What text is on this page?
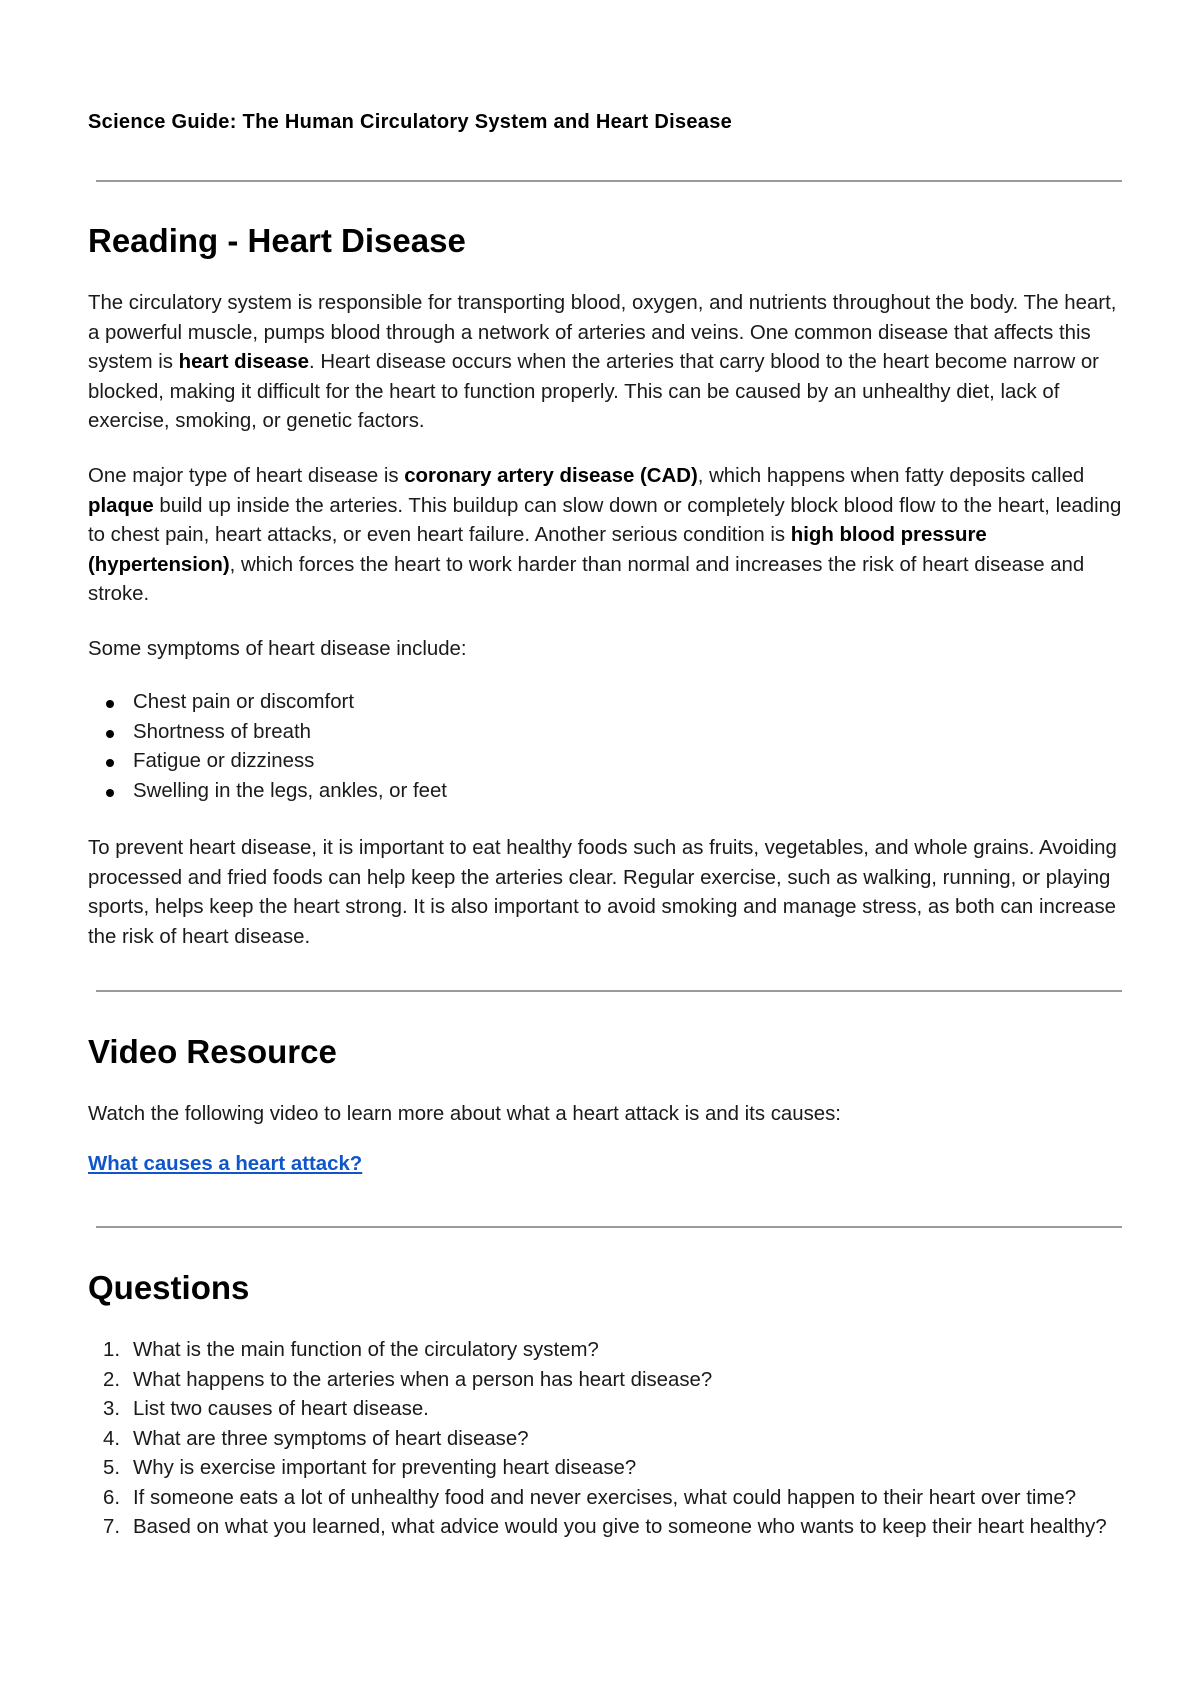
Science Guide: The Human Circulatory System and Heart Disease
Reading - Heart Disease

The circulatory system is responsible for transporting blood, oxygen, and nutrients throughout the body. The heart, a powerful muscle, pumps blood through a network of arteries and veins. One common disease that affects this system is heart disease. Heart disease occurs when the arteries that carry blood to the heart become narrow or blocked, making it difficult for the heart to function properly. This can be caused by an unhealthy diet, lack of exercise, smoking, or genetic factors.

One major type of heart disease is coronary artery disease (CAD), which happens when fatty deposits called plaque build up inside the arteries. This buildup can slow down or completely block blood flow to the heart, leading to chest pain, heart attacks, or even heart failure. Another serious condition is high blood pressure (hypertension), which forces the heart to work harder than normal and increases the risk of heart disease and stroke.

Some symptoms of heart disease include:

Chest pain or discomfort
Shortness of breath
Fatigue or dizziness
Swelling in the legs, ankles, or feet

To prevent heart disease, it is important to eat healthy foods such as fruits, vegetables, and whole grains. Avoiding processed and fried foods can help keep the arteries clear. Regular exercise, such as walking, running, or playing sports, helps keep the heart strong. It is also important to avoid smoking and manage stress, as both can increase the risk of heart disease.

Video Resource

Watch the following video to learn more about what a heart attack is and its causes:

What causes a heart attack?
Questions
1. What is the main function of the circulatory system?
2. What happens to the arteries when a person has heart disease?
3. List two causes of heart disease.
4. What are three symptoms of heart disease?
5. Why is exercise important for preventing heart disease?
6. If someone eats a lot of unhealthy food and never exercises, what could happen to their heart over time?
7. Based on what you learned, what advice would you give to someone who wants to keep their heart healthy?
